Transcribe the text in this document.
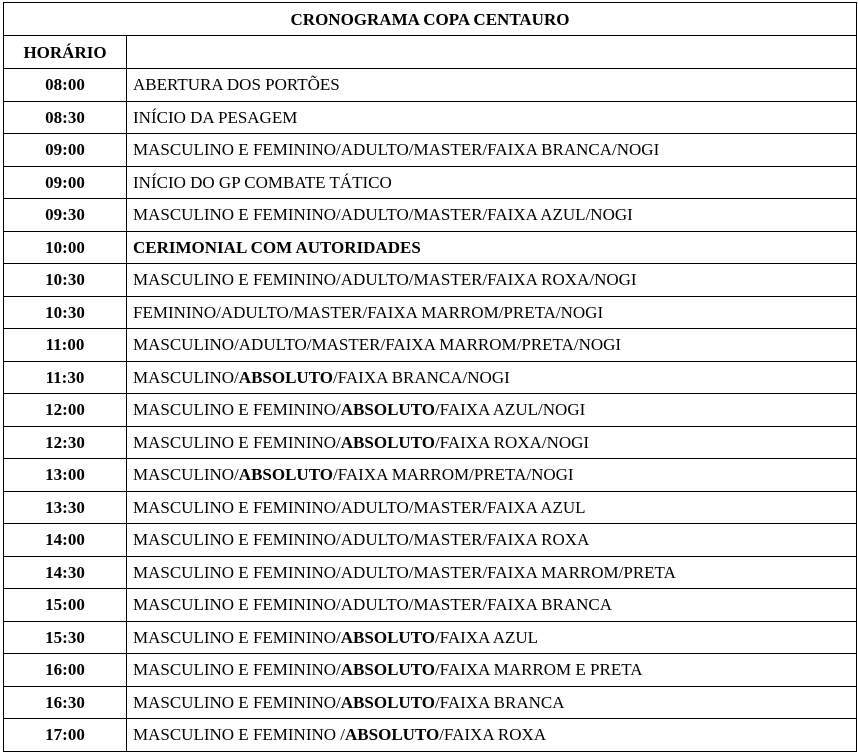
CRONOGRAMA COPA CENTAURO	
HORÁRIO	
08:00	ABERTURA DOS PORTÕES
08:30	INÍCIO DA PESAGEM
09:00	MASCULINO E FEMININO/ADULTO/MASTER/FAIXA BRANCA/NOGI
09:00	INÍCIO DO GP COMBATE TÁTICO
09:30	MASCULINO E FEMININO/ADULTO/MASTER/FAIXA AZUL/NOGI
10:00	CERIMONIAL COM AUTORIDADES
10:30	MASCULINO E FEMININO/ADULTO/MASTER/FAIXA ROXA/NOGI
10:30	FEMININO/ADULTO/MASTER/FAIXA MARROM/PRETA/NOGI
11:00	MASCULINO/ADULTO/MASTER/FAIXA MARROM/PRETA/NOGI
11:30	MASCULINO/ABSOLUTO/FAIXA BRANCA/NOGI
12:00	MASCULINO E FEMININO/ABSOLUTO/FAIXA AZUL/NOGI
12:30	MASCULINO E FEMININO/ABSOLUTO/FAIXA ROXA/NOGI
13:00	MASCULINO/ABSOLUTO/FAIXA MARROM/PRETA/NOGI
13:30	MASCULINO E FEMININO/ADULTO/MASTER/FAIXA AZUL
14:00	MASCULINO E FEMININO/ADULTO/MASTER/FAIXA ROXA
14:30	MASCULINO E FEMININO/ADULTO/MASTER/FAIXA MARROM/PRETA
15:00	MASCULINO E FEMININO/ADULTO/MASTER/FAIXA BRANCA
15:30	MASCULINO E FEMININO/ABSOLUTO/FAIXA AZUL
16:00	MASCULINO E FEMININO/ABSOLUTO/FAIXA MARROM E PRETA
16:30	MASCULINO E FEMININO/ABSOLUTO/FAIXA BRANCA
17:00	MASCULINO E FEMININO /ABSOLUTO/FAIXA ROXA
